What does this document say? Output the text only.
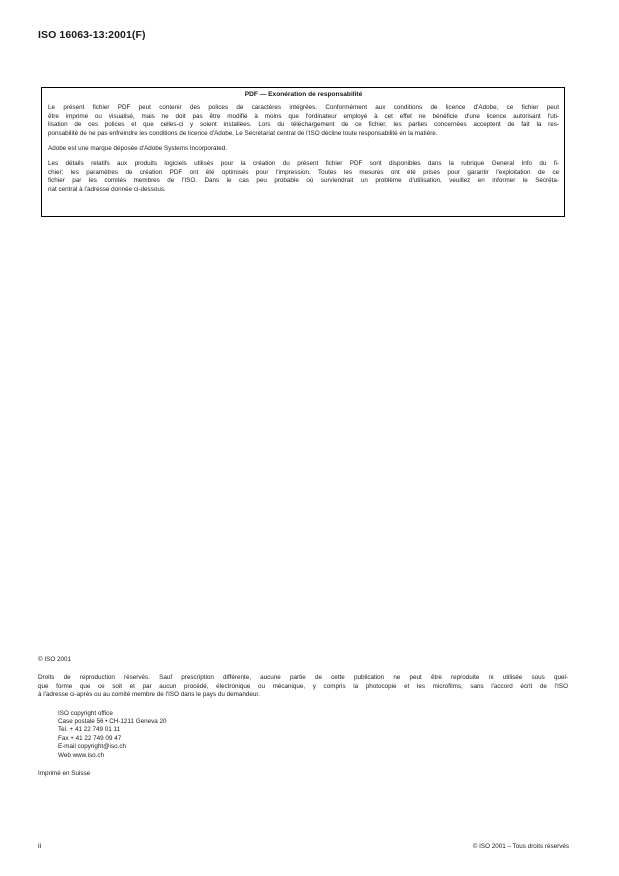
ISO 16063-13:2001(F)
PDF — Exonération de responsabilité

Le présent fichier PDF peut contenir des polices de caractères intégrées. Conformément aux conditions de licence d'Adobe, ce fichier peut
être imprimé ou visualisé, mais ne doit pas être modifié à moins que l'ordinateur employé à cet effet ne bénéficie d'une licence autorisant l'uti-
lisation de ces polices et que celles-ci y soient installées. Lors du téléchargement de ce fichier, les parties concernées acceptent de fait la res-
ponsabilité de ne pas enfreindre les conditions de licence d'Adobe. Le Secrétariat central de l'ISO décline toute responsabilité en la matière.

Adobe est une marque déposée d'Adobe Systems Incorporated.

Les détails relatifs aux produits logiciels utilisés pour la création du présent fichier PDF sont disponibles dans la rubrique General Info du fi-
chier; les paramètres de création PDF ont été optimisés pour l'impression. Toutes les mesures ont été prises pour garantir l'exploitation de ce
fichier par les comités membres de l'ISO. Dans le cas peu probable où surviendrait un problème d'utilisation, veuillez en informer le Secréta-
riat central à l'adresse donnée ci-dessous.

© ISO 2001
Droits de reproduction réservés. Sauf prescription différente, aucune partie de cette publication ne peut être reproduite ni utilisée sous quel-
que forme que ce soit et par aucun procédé, électronique ou mécanique, y compris la photocopie et les microfilms, sans l'accord écrit de l'ISO
à l'adresse ci-après ou au comité membre de l'ISO dans le pays du demandeur.
ISO copyright office
Case postale 56 • CH-1211 Geneva 20
Tel. + 41 22 749 01 11
Fax + 41 22 749 09 47
E-mail copyright@iso.ch
Web www.iso.ch
Imprimé en Suisse
ii	© ISO 2001 – Tous droits réservés
